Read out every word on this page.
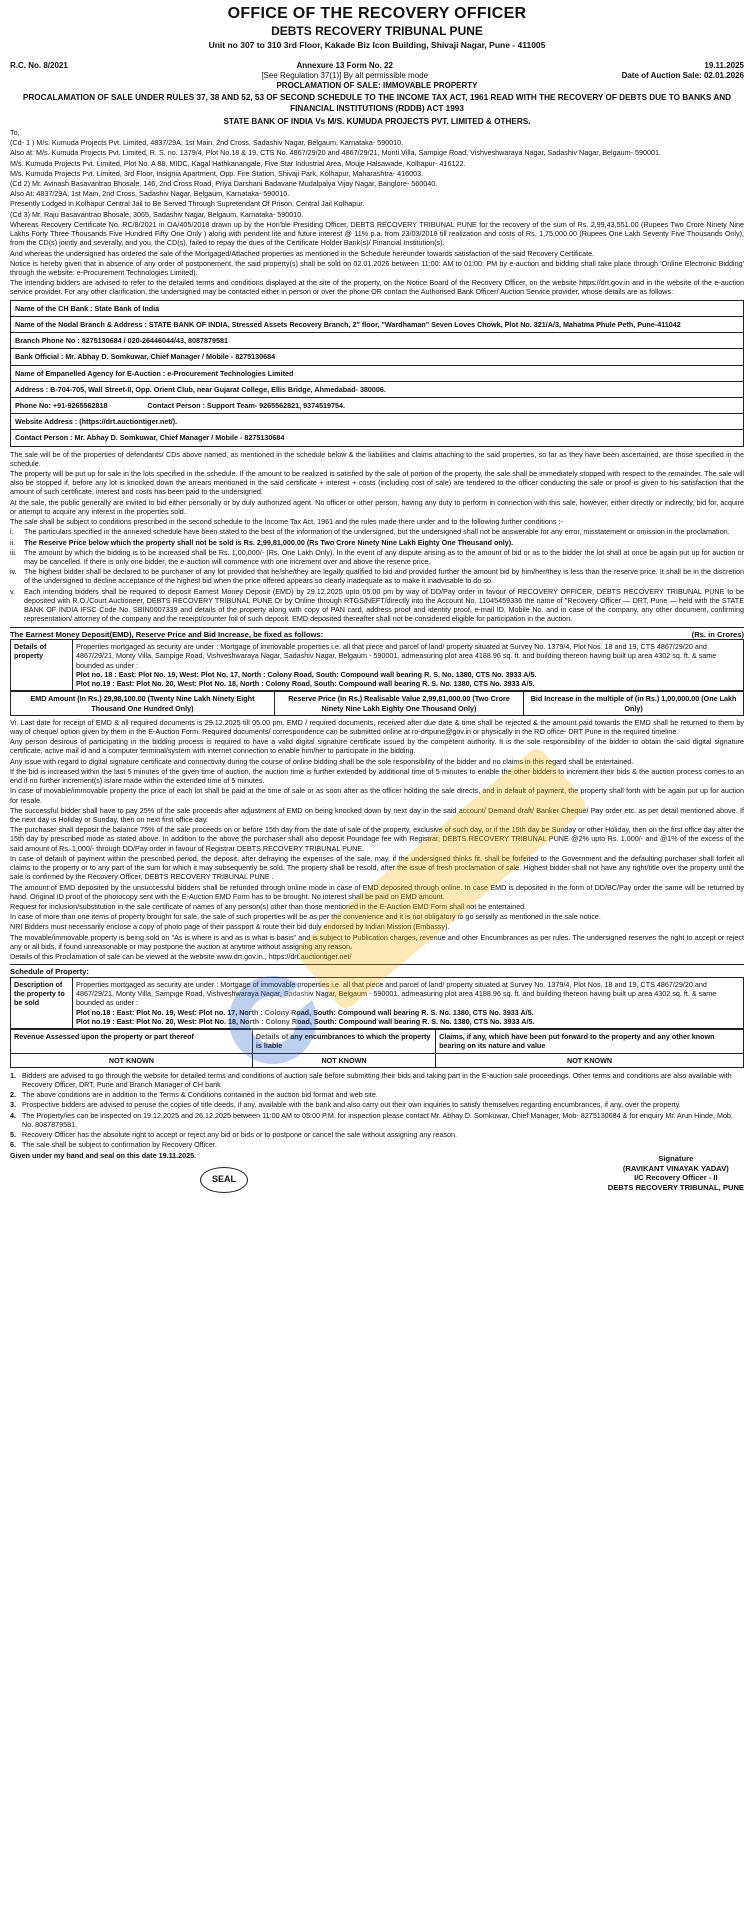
OFFICE OF THE RECOVERY OFFICER
DEBTS RECOVERY TRIBUNAL PUNE
Unit no 307 to 310 3rd Floor, Kakade Biz Icon Building, Shivaji Nagar, Pune - 411005
R.C. No. 8/2021	Annexure 13 Form No. 22
[See Regulation 37(1)] By all permissible mode
19.11.2025
Date of Auction Sale: 02.01.2026
PROCLAMATION OF SALE: IMMOVABLE PROPERTY
PROCALAMATION OF SALE UNDER RULES 37, 38 AND 52, 53 OF SECOND SCHEDULE TO THE INCOME TAX ACT, 1961 READ WITH THE RECOVERY OF DEBTS DUE TO BANKS AND FINANCIAL INSTITUTIONS (RDDB) ACT 1993
STATE BANK OF INDIA Vs M/S. KUMUDA PROJECTS PVT. LIMITED & OTHERS.
To,

(Cd- 1 ) M/s. Kumuda Projects Pvt. Limited, 4837/29A, 1st Main, 2nd Cross, Sadashiv Nagar, Belgaum, Karnataka- 590010.

Also at: M/s. Kumuda Projects Pvt. Limited, R. S. no. 1379/4, Plot No.18 & 19, CTS No. 4867/29/20 and 4867/29/21, Monti Villa, Sampige Road, Vishveshwaraya Nagar, Sadashiv Nagar, Belgaum- 590001.

M/s. Kumuda Projects Pvt. Limited, Plot No. A 88, MIDC, Kagal Hathkanangale, Five Star Industrial Area, Mouje Halsawade, Kolhapur- 416122.

M/s. Kumuda Projects Pvt. Limited, 3rd Floor, Insignia Apartment, Opp. Fire Station, Shivaji Park, Kolhapur, Maharashtra- 416003.

(Cd 2) Mr. Avinash Basavantrao Bhosale, 146, 2nd Cross Road, Priya Darshani Badavane Mudalpalya Vijay Nagar, Banglore- 560040.

Also At: 4837/29A, 1st Main, 2nd Cross, Sadashiv Nagar, Belgaum, Karnataka- 590010.

Presently Lodged In Kolhapur Central Jail to Be Served Through Supretendant Of Prison, Central Jail Kolhapur.

(Cd 3) Mr. Raju Basavantrao Bhosale, 3065, Sadashiv Nagar, Belgaum, Karnataka- 590010.

Whereas Recovery Certificate No. RC/8/2021 in OA/405/2018 drawn up by the Hon'ble Presiding Officer, DEBTS RECOVERY TRIBUNAL PUNE for the recovery of the sum of Rs. 2,99,43,551.00 (Rupees Two Crore Ninety Nine Lakhs Forty Three Thousands Five Hundred Fifty One Only ) along with pendent lite and future interest @ 11% p.a. from 23/03/2018 till realization and costs of Rs. 1,75,000.00 (Rupees One Lakh Seventy Five Thousands Only), from the CD(s) jointly and severally, and you, the CD(s), failed to repay the dues of the Certificate Holder Bank(s)/ Financial Institution(s).

And whereas the undersigned has ordered the sale of the Mortgaged/Attached properties as mentioned in the Schedule hereunder towards satisfaction of the said Recovery Certificate.

Notice is hereby given that in absence of any order of postponement, the said property(s) shall be sold on 02.01.2026 between 11:00: AM to 01:00: PM by e-auction and bidding shall take place through 'Online Electronic Bidding' through the website: e-Procurement Technologies Limited).

The intending bidders are advised to refer to the detailed terms and conditions displayed at the site of the property, on the Notice Board of the Recovery Officer, on the website https://drt.gov.in and in the website of the e-auction service provider. For any other clarification, the undersigned may be contacted either in person or over the phone OR contact the Authorised Bank Officer/ Auction Service provider, whose details are as follows:

Name of the CH Bank : State Bank of India
Name of the Nodal Branch & Address : STATE BANK OF INDIA, Stressed Assets Recovery Branch, 2" floor, "Wardhaman" Seven Loves Chowk, Plot No. 321/A/3, Mahatma Phule Peth, Pune-411042
Branch Phone No : 8275130684 / 020-26446044/43, 8087879581
Bank Official : Mr. Abhay D. Somkuwar, Chief Manager / Mobile - 8275130684
Name of Empanelled Agency for E-Auction : e-Procurement Technologies Limited
Address : B-704-705, Wall Street-II, Opp. Orient Club, near Gujarat College, Ellis Bridge, Ahmedabad- 380006.
Phone No: +91-9265562818                    Contact Person : Support Team- 9265562821, 9374519754.
Website Address : (https://drt.auctiontiger.net/).
Contact Person : Mr. Abhay D. Somkuwar, Chief Manager / Mobile - 8275130684

The sale will be of the properties of defendants/ CDs above named, as mentioned in the schedule below & the liabilities and claims attaching to the said properties, so far as they have been ascertained, are those specified in the schedule.

The property will be put up for sale in the lots specified in the schedule. If the amount to be realized is satisfied by the sale of portion of the property, the sale shall be immediately stopped with respect to the remainder. The sale will also be stopped if, before any lot is knocked down the arrears mentioned in the said certificate + interest + costs (including cost of sale) are tendered to the officer conducting the sale or proof is given to his satisfaction that the amount of such certificate, interest and costs has been paid to the undersigned.

At the sale, the public generally are invited to bid either personally or by duly authorized agent. No officer or other person, having any duty to perform in connection with this sale, however, either directly or indirectly, bid for, acquire or attempt to acquire any interest in the properties sold.

The sale shall be subject to conditions prescribed in the second schedule to the Income Tax Act, 1961 and the rules made there under and to the following further conditions :-

i.	The particulars specified in the annexed schedule have been stated to the best of the information of the undersigned, but the undersigned shall not be answerable for any error, misstatement or omission in the proclamation.
ii.	The Reserve Price below which the property shall not be sold is Rs. 2,99,81,000.00 (Rs Two Crore Ninety Nine Lakh Eighty One Thousand only).
iii.	The amount by which the bidding is to be increased shall be Rs. 1,00,000/- (Rs. One Lakh Only). In the event of any dispute arising as to the amount of bid or as to the bidder the lot shall at once be again put up for auction or may be cancelled. If there is only one bidder, the e-auction will commence with one increment over and above the reserve price.
iv.	The highest bidder shall be declared to be purchaser of any lot provided that he/she/they are legally qualified to bid and provided further the amount bid by him/her/they is less than the reserve price. It shall be in the discretion of the undersigned to decline acceptance of the highest bid when the price offered appears so clearly inadequate as to make it inadvisable to do so.
v.	Each intending bidders shall be required to deposit Earnest Money Deposit (EMD) by 29.12.2025 upto 05.00 pm by way of DD/Pay order in favour of RECOVERY OFFICER, DEBTS RECOVERY TRIBUNAL PUNE to be deposited with R.O./Court Auctioneer, DEBTS RECOVERY TRIBUNAL PUNE Or by Online through RTGS/NEFT/directly into the Account No. 11045459336 the name of "Recovery Officer — DRT, Pune — held with the STATE BANK OF INDIA IFSC Code No. SBIN0007339 and details of the property along with copy of PAN card, address proof and identity proof, e-mail ID, Mobile No. and in case of the company, any other document, confirming representation/ attorney of the company and the receipt/counter foil of such deposit. EMD deposited thereafter shall not be considered eligible for participation in the auction.
The Earnest Money Deposit(EMD), Reserve Price and Bid Increase, be fixed as follows:	(Rs. in Crores)
Details of property	
Properties mortgaged as security are under : Mortgage of immovable properties i.e. all that piece and parcel of land/ property situated at Survey No. 1379/4, Plot Nos. 18 and 19, CTS 4867/29/20 and 4867/29/21, Monty Villa, Sampige Road, Vishveshwaraya Nagar, Sadashiv Nagar, Belgaum - 590001. admeasuring plot area 4188.96 sq. ft. and building thereon having built up area 4302 sq. ft. & same bounded as under :
Plot no. 18 : East: Plot No. 19, West: Plot No. 17, North : Colony Road, South: Compound wall bearing R. S. No. 1380, CTS No. 3933 A/5.
Plot no.19 : East: Plot No. 20, West: Plot No. 18, North : Colony Road, South: Compound wall bearing R. S. No. 1380, CTS No. 3933 A/5.
EMD Amount (In Rs.) 29,98,100.00 (Twenty Nine Lakh Ninety Eight Thousand One Hundred Only)	Reserve Price (In Rs.) Realisable Value 2,99,81,000.00 (Two Crore Ninety Nine Lakh Eighty One Thousand Only)	Bid Increase in the multiple of (in Rs.) 1,00,000.00 (One Lakh Only)

Vi. Last date for receipt of EMD & all required documents is 29.12.2025 till 05.00 pm. EMD / required documents, received after due date & time shall be rejected & the amount paid towards the EMD shall be returned to them by way of cheque/ option given by them in the E-Auction Form. Required documents/ correspondence can be submitted online at ro-drtpune@gov.in or physically in the RO office- DRT Pune in the required timeline.

Any person desirous of participating in the bidding process is required to have a valid digital signature certificate issued by the competent authority. It is the sole responsibility of the bidder to obtain the said digital signature certificate, active mail id and a computer terminal/system with internet connection to enable him/her to participate in the bidding.

Any issue with regard to digital signature certificate and connectivity during the course of online bidding shall be the sole responsibility of the bidder and no claims in this regard shall be entertained.

If the bid is increased within the last 5 minutes of the given time of auction, the auction time is further extended by additional time of 5 minutes to enable the other bidders to increment their bids & the auction process comes to an end if no further increment(s) is/are made within the extended time of 5 minutes.

In case of movable/immovable property the price of each lot shall be paid at the time of sale or as soon after as the officer holding the sale directs, and in default of payment, the property shall forth with be again put up for auction for resale.

The successful bidder shall have to pay 25% of the sale proceeds after adjustment of EMD on being knocked down by next day in the said account/ Demand draft/ Banker Cheque/ Pay order etc. as per detail mentioned above. If the next day is Holiday or Sunday, then on next first office day.

The purchaser shall deposit the balance 75% of the sale proceeds on or before 15th day from the date of sale of the property, exclusive of such day, or if the 15th day be Sunday or other Holiday, then on the first office day after the 15th day by prescribed mode as stated above. In addition to the above the purchaser shall also deposit Poundage fee with Registrar, DEBTS RECOVERY TRIBUNAL PUNE @2% upto Rs. 1,000/- and @1% of the excess of the said amount of Rs. 1,000/- through DD/Pay order in favour of Registrar DEBTS RECOVERY TRIBUNAL PUNE.

In case of default of payment within the prescribed period, the deposit, after defraying the expenses of the sale, may, if the undersigned thinks fit, shall be forfeited to the Government and the defaulting purchaser shall forfeit all claims to the property or to any part of the sum for which it may subsequently be sold. The property shall be resold, after the issue of fresh proclamation of sale. Highest bidder shall not have any right/title over the property until the sale is confirmed by the Recovery Officer, DEBTS RECOVERY TRIBUNAL PUNE .

The amount of EMD deposited by the unsuccessful bidders shall be refunded through online mode in case of EMD deposited through online. In case EMD is deposited in the form of DD/BC/Pay order the same will be returned by hand. Original ID proof of the photocopy sent with the E-Auction EMD Form has to be brought. No interest shall be paid on EMD amount.

Request for inclusion/substitution in the sale certificate of names of any person(s) other than those mentioned in the E-Auction EMD Form shall not be entertained.

In case of more than one items of property brought for sale, the sale of such properties will be as per the convenience and it is not obligatory to go serially as mentioned in the sale notice.

NRI Bidders must necessarily enclose a copy of photo page of their passport & route their bid duly endorsed by Indian Mission (Embassy).

The movable/immovable property is being sold on "As is where is and as is what is basis" and is subject to Publication charges, revenue and other Encumbrances as per rules. The undersigned reserves the right to accept or reject any or all bids, if found unreasonable or may postpone the auction at anytime without assigning any reason.

Details of this Proclamation of sale can be viewed at the website www.drt.gov.in., https://drt.auctiontiger.net/

Schedule of Property:
Description of the property to be sold	
Properties mortgaged as security are under : Mortgage of immovable properties i.e. all that piece and parcel of land/ property situated at Survey No. 1379/4, Plot Nos. 18 and 19, CTS 4867/29/20 and 4867/29/21, Monty Villa, Sampige Road, Vishveshwaraya Nagar, Sadashiv Nagar, Belgaum - 590001. admeasuring plot area 4188.96 sq. ft. and building thereon having built up area 4302 sq. ft. & same bounded as under :
Plot no.18 : East: Plot No. 19, West: Plot no. 17, North : Colony Road, South: Compound wall bearing R. S. No. 1380, CTS No. 3933 A/5.
Plot no.19 : East: Plot No. 20, West: Plot No. 18, North : Colony Road, South: Compound wall bearing R. S. No. 1380, CTS No. 3933 A/5.
Revenue Assessed upon the property or part thereof	Details of any encumbrances to which the property is liable	Claims, if any, which have been put forward to the property and any other known bearing on its nature and value
NOT KNOWN	NOT KNOWN	NOT KNOWN
1. Bidders are advised to go through the website for detailed terms and conditions of auction sale before submitting their bids and taking part in the E-auction sale proceedings. Other terms and conditions are also available with Recovery Officer, DRT, Pune and Branch Manager of CH bank
2. The above conditions are in addition to the Terms & Conditions contained in the auction bid format and web site.
3. Prospective bidders are advised to peruse the copies of title deeds, if any, available with the bank and also carry out their own inquiries to satisfy themselves regarding encumbrances, if any, over the property.
4. The Property/ies can be inspected on 19.12.2025 and 26.12.2025 between 11:00 AM to 05:00 P.M. for inspection please contact Mr. Abhay D. Somkuwar, Chief Manager, Mob- 8275130684 & for enquiry Mr. Arun Hinde, Mob. No. 8087879581.
5. Recovery Officer has the absolute right to accept or reject any bid or bids or to postpone or cancel the sale without assigning any reason.
6. The sale shall be subject to confirmation by Recovery Officer.
Given under my hand and seal on this date 19.11.2025.
SEAL
Signature
(RAVIKANT VINAYAK YADAV)
I/C Recovery Officer - II
DEBTS RECOVERY TRIBUNAL, PUNE
